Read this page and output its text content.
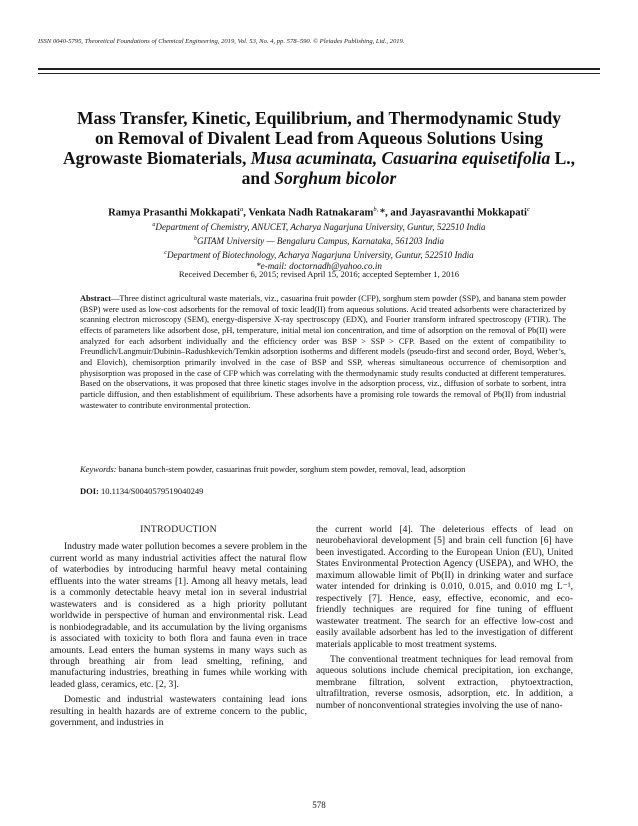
ISSN 0040-5795, Theoretical Foundations of Chemical Engineering, 2019, Vol. 53, No. 4, pp. 578–590. © Pleiades Publishing, Ltd., 2019.
Mass Transfer, Kinetic, Equilibrium, and Thermodynamic Study
on Removal of Divalent Lead from Aqueous Solutions Using
Agrowaste Biomaterials, Musa acuminata, Casuarina equisetifolia L.,
and Sorghum bicolor
Ramya Prasanthi Mokkapati$^a$, Venkata Nadh Ratnakaram$^{b,}$ *, and Jayasravanthi Mokkapati$^c$
$^a$Department of Chemistry, ANUCET, Acharya Nagarjuna University, Guntur, 522510 India
$^b$GITAM University — Bengaluru Campus, Karnataka, 561203 India
$^c$Department of Biotechnology, Acharya Nagarjuna University, Guntur, 522510 India
*e-mail: doctornadh@yahoo.co.in
Received December 6, 2015; revised April 15, 2016; accepted September 1, 2016
Abstract—Three distinct agricultural waste materials, viz., casuarina fruit powder (CFP), sorghum stem powder (SSP), and banana stem powder (BSP) were used as low-cost adsorbents for the removal of toxic lead(II) from aqueous solutions. Acid treated adsorbents were characterized by scanning electron microscopy (SEM), energy-dispersive X-ray spectroscopy (EDX), and Fourier transform infrared spectroscopy (FTIR). The effects of parameters like adsorbent dose, pH, temperature, initial metal ion concentration, and time of adsorption on the removal of Pb(II) were analyzed for each adsorbent individually and the efficiency order was BSP > SSP > CFP. Based on the extent of compatibility to Freundlich/Langmuir/Dubinin–Radushkevich/Temkin adsorption isotherms and different models (pseudo-first and second order, Boyd, Weber’s, and Elovich), chemisorption primarily involved in the case of BSP and SSP, whereas simultaneous occurrence of chemisorption and physisorption was proposed in the case of CFP which was correlating with the thermodynamic study results conducted at different temperatures. Based on the observations, it was proposed that three kinetic stages involve in the adsorption process, viz., diffusion of sorbate to sorbent, intra particle diffusion, and then establishment of equilibrium. These adsorbents have a promising role towards the removal of Pb(II) from industrial wastewater to contribute environmental protection.
Keywords: banana bunch-stem powder, casuarinas fruit powder, sorghum stem powder, removal, lead, adsorption
DOI: 10.1134/S0040579519040249
INTRODUCTION

Industry made water pollution becomes a severe problem in the current world as many industrial activities affect the natural flow of waterbodies by introducing harmful heavy metal containing effluents into the water streams [1]. Among all heavy metals, lead is a commonly detectable heavy metal ion in several industrial wastewaters and is considered as a high priority pollutant worldwide in perspective of human and environmental risk. Lead is nonbiodegradable, and its accumulation by the living organisms is associated with toxicity to both flora and fauna even in trace amounts. Lead enters the human systems in many ways such as through breathing air from lead smelting, refining, and manufacturing industries, breathing in fumes while working with leaded glass, ceramics, etc. [2, 3].

Domestic and industrial wastewaters containing lead ions resulting in health hazards are of extreme concern to the public, government, and industries in

the current world [4]. The deleterious effects of lead on neurobehavioral development [5] and brain cell function [6] have been investigated. According to the European Union (EU), United States Environmental Protection Agency (USEPA), and WHO, the maximum allowable limit of Pb(II) in drinking water and surface water intended for drinking is 0.010, 0.015, and 0.010 mg L⁻¹, respectively [7]. Hence, easy, effective, economic, and eco-friendly techniques are required for fine tuning of effluent wastewater treatment. The search for an effective low-cost and easily available adsorbent has led to the investigation of different materials applicable to most treatment systems.

The conventional treatment techniques for lead removal from aqueous solutions include chemical precipitation, ion exchange, membrane filtration, solvent extraction, phytoextraction, ultrafiltration, reverse osmosis, adsorption, etc. In addition, a number of nonconventional strategies involving the use of nano-

578
